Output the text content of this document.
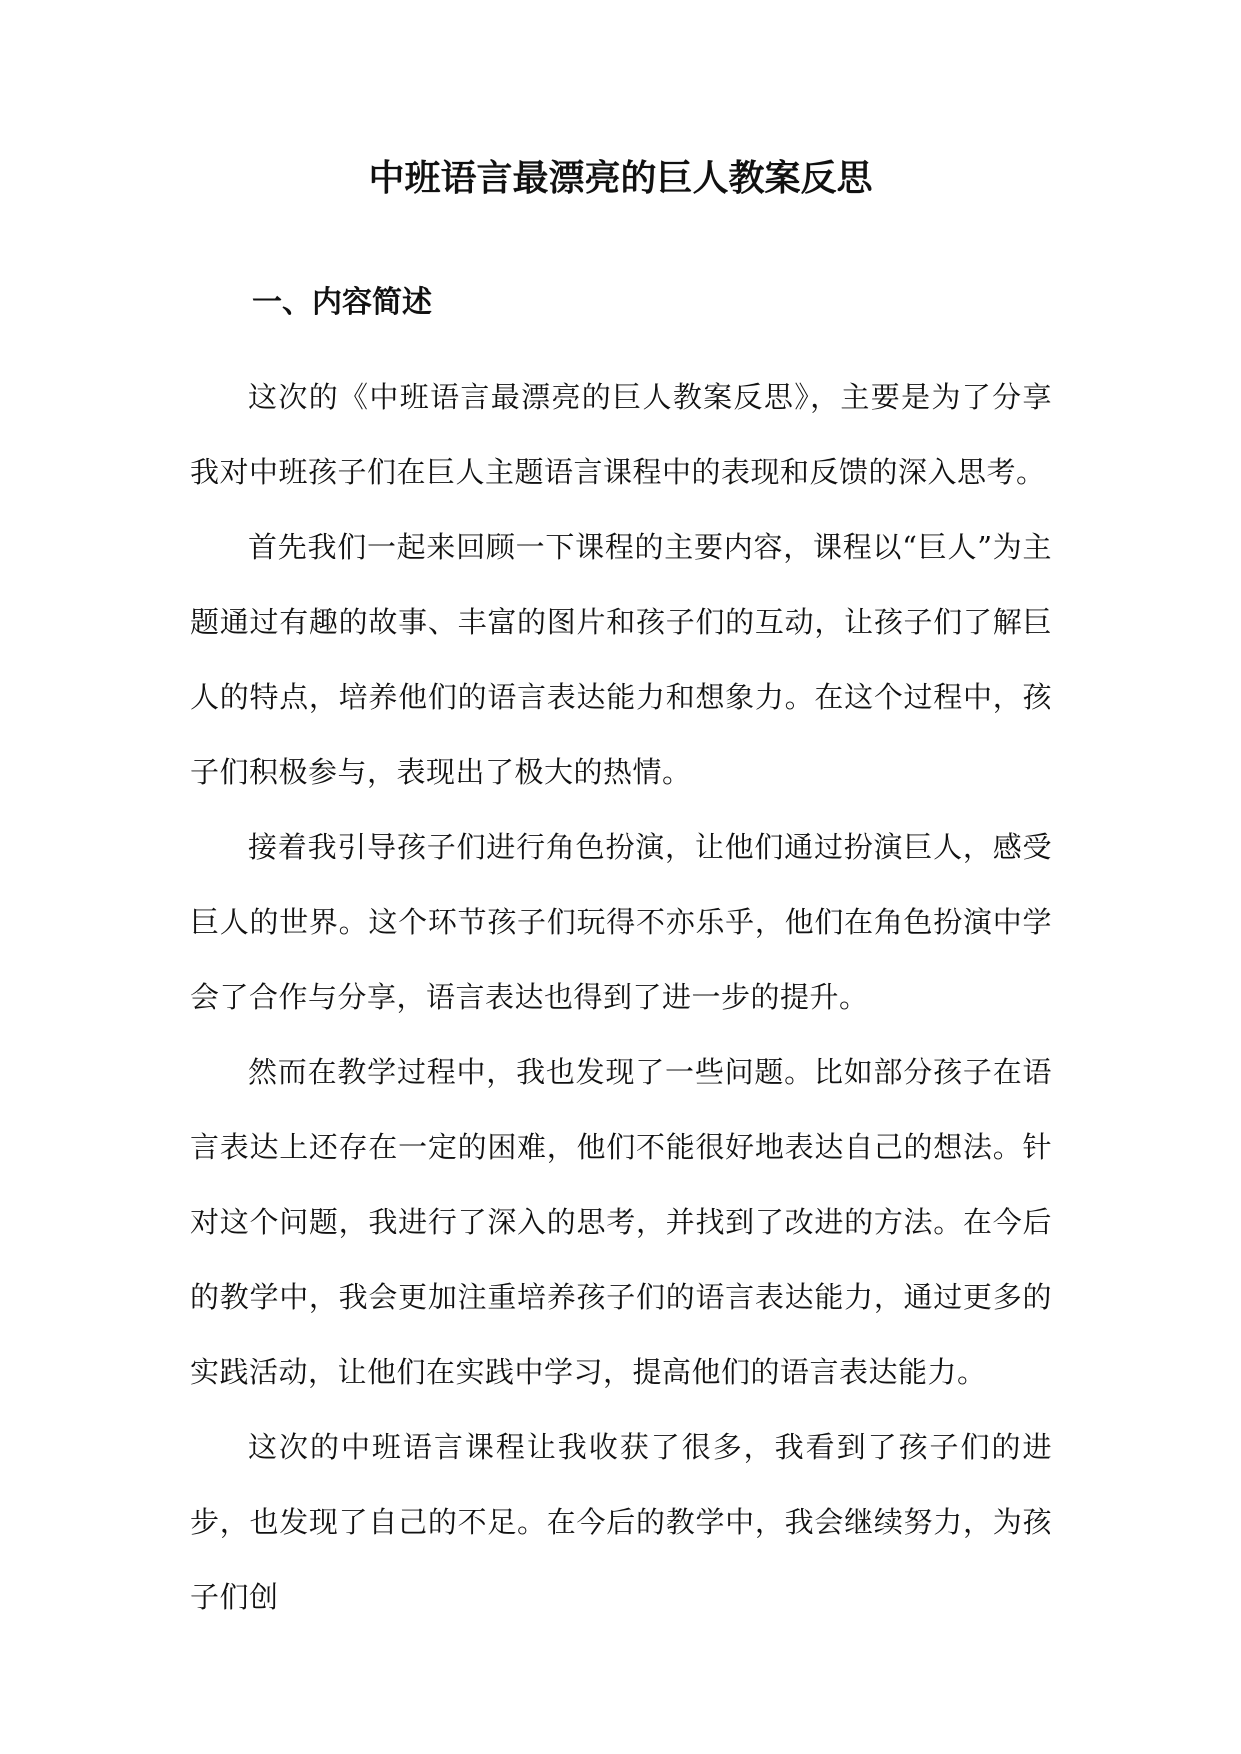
中班语言最漂亮的巨人教案反思
一、内容简述

这次的《中班语言最漂亮的巨人教案反思》，主要是为了分享我对中班孩子们在巨人主题语言课程中的表现和反馈的深入思考。

首先我们一起来回顾一下课程的主要内容，课程以“巨人”为主题通过有趣的故事、丰富的图片和孩子们的互动，让孩子们了解巨人的特点，培养他们的语言表达能力和想象力。在这个过程中，孩子们积极参与，表现出了极大的热情。

接着我引导孩子们进行角色扮演，让他们通过扮演巨人，感受巨人的世界。这个环节孩子们玩得不亦乐乎，他们在角色扮演中学会了合作与分享，语言表达也得到了进一步的提升。

然而在教学过程中，我也发现了一些问题。比如部分孩子在语言表达上还存在一定的困难，他们不能很好地表达自己的想法。针对这个问题，我进行了深入的思考，并找到了改进的方法。在今后的教学中，我会更加注重培养孩子们的语言表达能力，通过更多的实践活动，让他们在实践中学习，提高他们的语言表达能力。

这次的中班语言课程让我收获了很多，我看到了孩子们的进步，也发现了自己的不足。在今后的教学中，我会继续努力，为孩子们创
